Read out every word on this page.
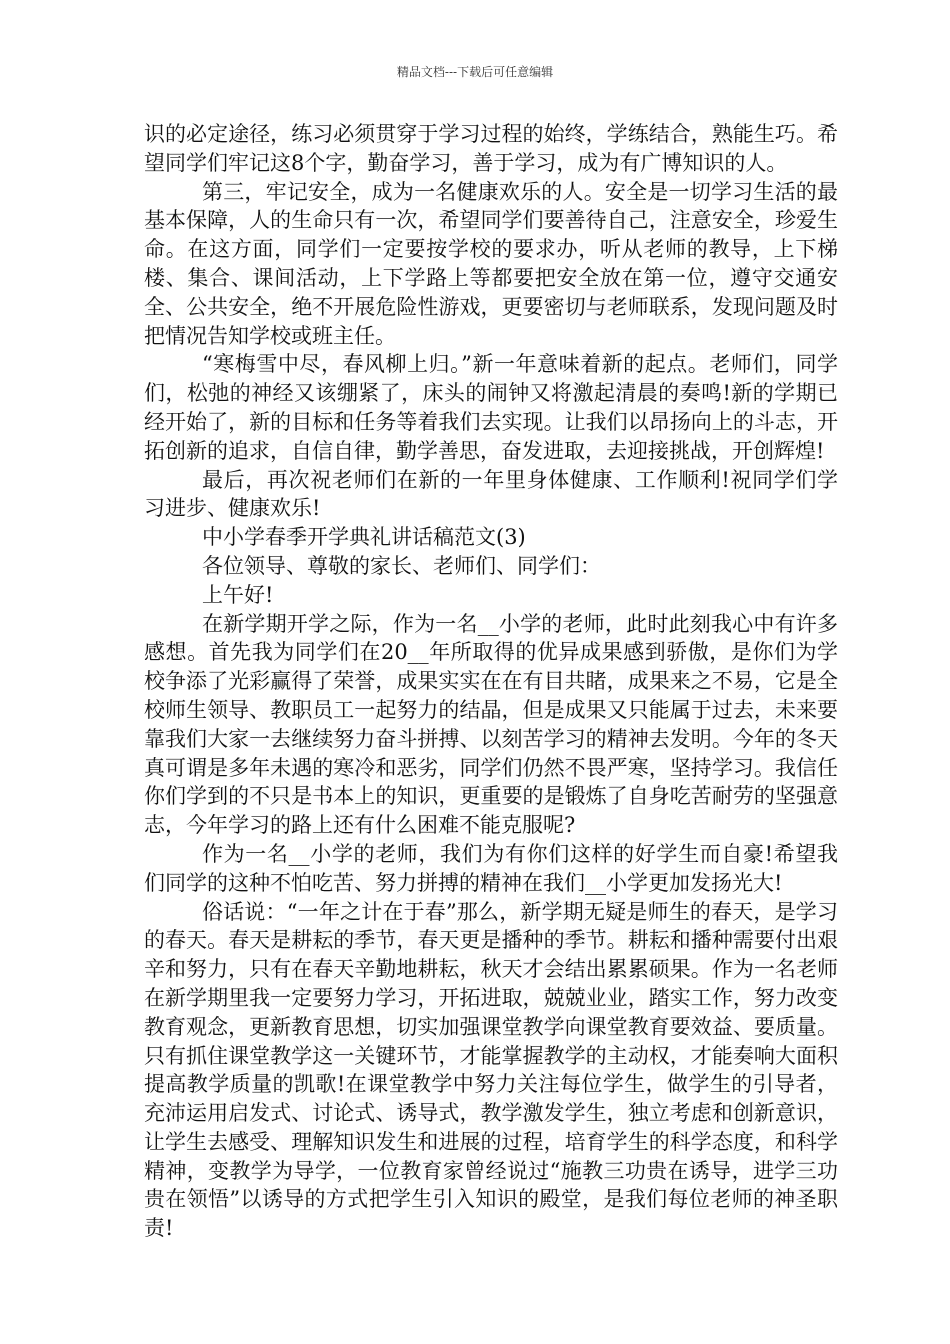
精品文档---下载后可任意编辑

识的必定途径，练习必须贯穿于学习过程的始终，学练结合，熟能生巧。希望同学们牢记这8个字，勤奋学习，善于学习，成为有广博知识的人。

第三，牢记安全，成为一名健康欢乐的人。安全是一切学习生活的最基本保障，人的生命只有一次，希望同学们要善待自己，注意安全，珍爱生命。在这方面，同学们一定要按学校的要求办，听从老师的教导，上下梯楼、集合、课间活动，上下学路上等都要把安全放在第一位，遵守交通安全、公共安全，绝不开展危险性游戏，更要密切与老师联系，发现问题及时把情况告知学校或班主任。

“寒梅雪中尽，春风柳上归。”新一年意味着新的起点。老师们，同学们，松弛的神经又该绷紧了，床头的闹钟又将激起清晨的奏鸣!新的学期已经开始了，新的目标和任务等着我们去实现。让我们以昂扬向上的斗志，开拓创新的追求，自信自律，勤学善思，奋发进取，去迎接挑战，开创辉煌!

最后，再次祝老师们在新的一年里身体健康、工作顺利!祝同学们学习进步、健康欢乐!

中小学春季开学典礼讲话稿范文(3)

各位领导、尊敬的家长、老师们、同学们：

上午好!

在新学期开学之际，作为一名__小学的老师，此时此刻我心中有许多感想。首先我为同学们在20__年所取得的优异成果感到骄傲，是你们为学校争添了光彩赢得了荣誉，成果实实在在有目共睹，成果来之不易，它是全校师生领导、教职员工一起努力的结晶，但是成果又只能属于过去，未来要靠我们大家一去继续努力奋斗拼搏、以刻苦学习的精神去发明。今年的冬天真可谓是多年未遇的寒冷和恶劣，同学们仍然不畏严寒，坚持学习。我信任你们学到的不只是书本上的知识，更重要的是锻炼了自身吃苦耐劳的坚强意志，今年学习的路上还有什么困难不能克服呢?

作为一名__小学的老师，我们为有你们这样的好学生而自豪!希望我们同学的这种不怕吃苦、努力拼搏的精神在我们__小学更加发扬光大!

俗话说：“一年之计在于春”那么，新学期无疑是师生的春天，是学习的春天。春天是耕耘的季节，春天更是播种的季节。耕耘和播种需要付出艰辛和努力，只有在春天辛勤地耕耘，秋天才会结出累累硕果。作为一名老师在新学期里我一定要努力学习，开拓进取，兢兢业业，踏实工作，努力改变教育观念，更新教育思想，切实加强课堂教学向课堂教育要效益、要质量。只有抓住课堂教学这一关键环节，才能掌握教学的主动权，才能奏响大面积提高教学质量的凯歌!在课堂教学中努力关注每位学生，做学生的引导者，充沛运用启发式、讨论式、诱导式，教学激发学生，独立考虑和创新意识，让学生去感受、理解知识发生和进展的过程，培育学生的科学态度，和科学精神，变教学为导学，一位教育家曾经说过“施教三功贵在诱导，进学三功贵在领悟”以诱导的方式把学生引入知识的殿堂，是我们每位老师的神圣职责!
